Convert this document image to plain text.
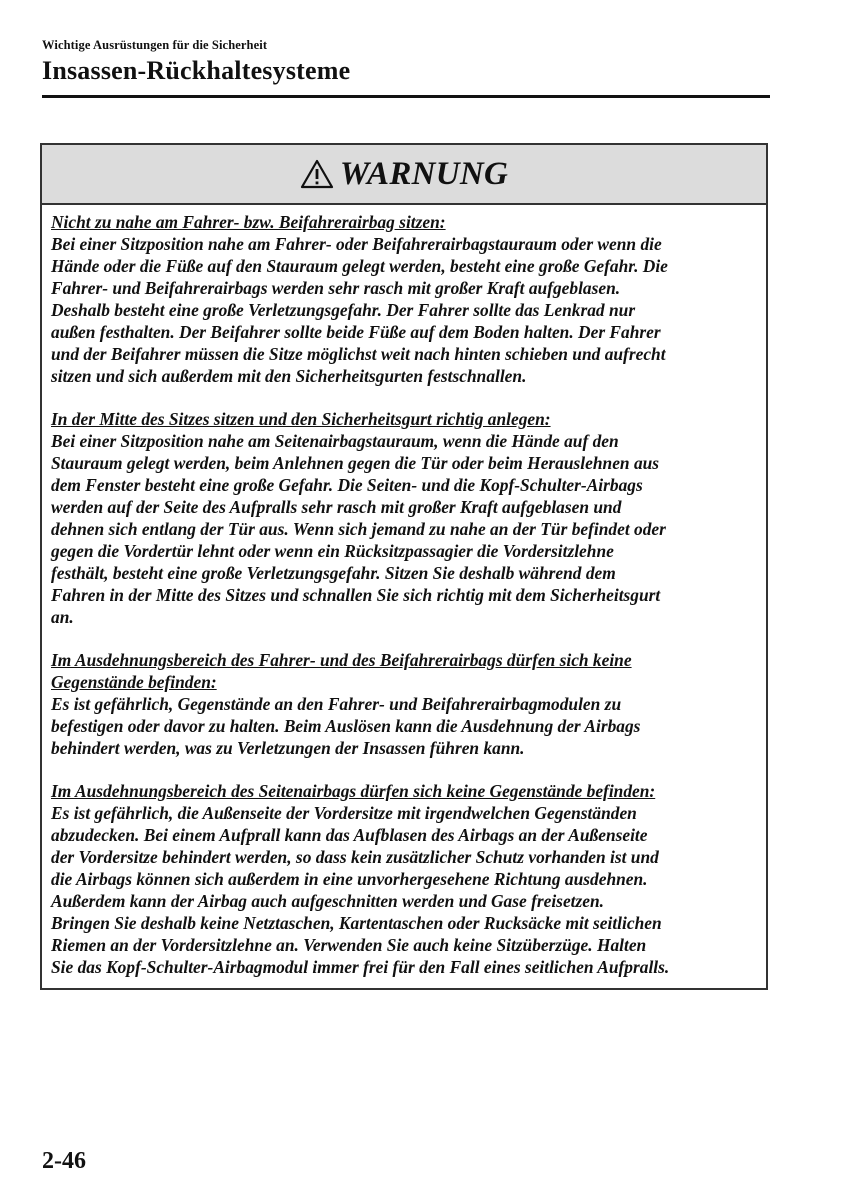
Wichtige Ausrüstungen für die Sicherheit
Insassen-Rückhaltesysteme
WARNUNG
Nicht zu nahe am Fahrer- bzw. Beifahrerairbag sitzen:
Bei einer Sitzposition nahe am Fahrer- oder Beifahrerairbagstauraum oder wenn die
Hände oder die Füße auf den Stauraum gelegt werden, besteht eine große Gefahr. Die
Fahrer- und Beifahrerairbags werden sehr rasch mit großer Kraft aufgeblasen.
Deshalb besteht eine große Verletzungsgefahr. Der Fahrer sollte das Lenkrad nur
außen festhalten. Der Beifahrer sollte beide Füße auf dem Boden halten. Der Fahrer
und der Beifahrer müssen die Sitze möglichst weit nach hinten schieben und aufrecht
sitzen und sich außerdem mit den Sicherheitsgurten festschnallen.
In der Mitte des Sitzes sitzen und den Sicherheitsgurt richtig anlegen:
Bei einer Sitzposition nahe am Seitenairbagstauraum, wenn die Hände auf den
Stauraum gelegt werden, beim Anlehnen gegen die Tür oder beim Herauslehnen aus
dem Fenster besteht eine große Gefahr. Die Seiten- und die Kopf-Schulter-Airbags
werden auf der Seite des Aufpralls sehr rasch mit großer Kraft aufgeblasen und
dehnen sich entlang der Tür aus. Wenn sich jemand zu nahe an der Tür befindet oder
gegen die Vordertür lehnt oder wenn ein Rücksitzpassagier die Vordersitzlehne
festhält, besteht eine große Verletzungsgefahr. Sitzen Sie deshalb während dem
Fahren in der Mitte des Sitzes und schnallen Sie sich richtig mit dem Sicherheitsgurt
an.
Im Ausdehnungsbereich des Fahrer- und des Beifahrerairbags dürfen sich keine
Gegenstände befinden:
Es ist gefährlich, Gegenstände an den Fahrer- und Beifahrerairbagmodulen zu
befestigen oder davor zu halten. Beim Auslösen kann die Ausdehnung der Airbags
behindert werden, was zu Verletzungen der Insassen führen kann.
Im Ausdehnungsbereich des Seitenairbags dürfen sich keine Gegenstände befinden:
Es ist gefährlich, die Außenseite der Vordersitze mit irgendwelchen Gegenständen
abzudecken. Bei einem Aufprall kann das Aufblasen des Airbags an der Außenseite
der Vordersitze behindert werden, so dass kein zusätzlicher Schutz vorhanden ist und
die Airbags können sich außerdem in eine unvorhergesehene Richtung ausdehnen.
Außerdem kann der Airbag auch aufgeschnitten werden und Gase freisetzen.
Bringen Sie deshalb keine Netztaschen, Kartentaschen oder Rucksäcke mit seitlichen
Riemen an der Vordersitzlehne an. Verwenden Sie auch keine Sitzüberzüge. Halten
Sie das Kopf-Schulter-Airbagmodul immer frei für den Fall eines seitlichen Aufpralls.
2-46
